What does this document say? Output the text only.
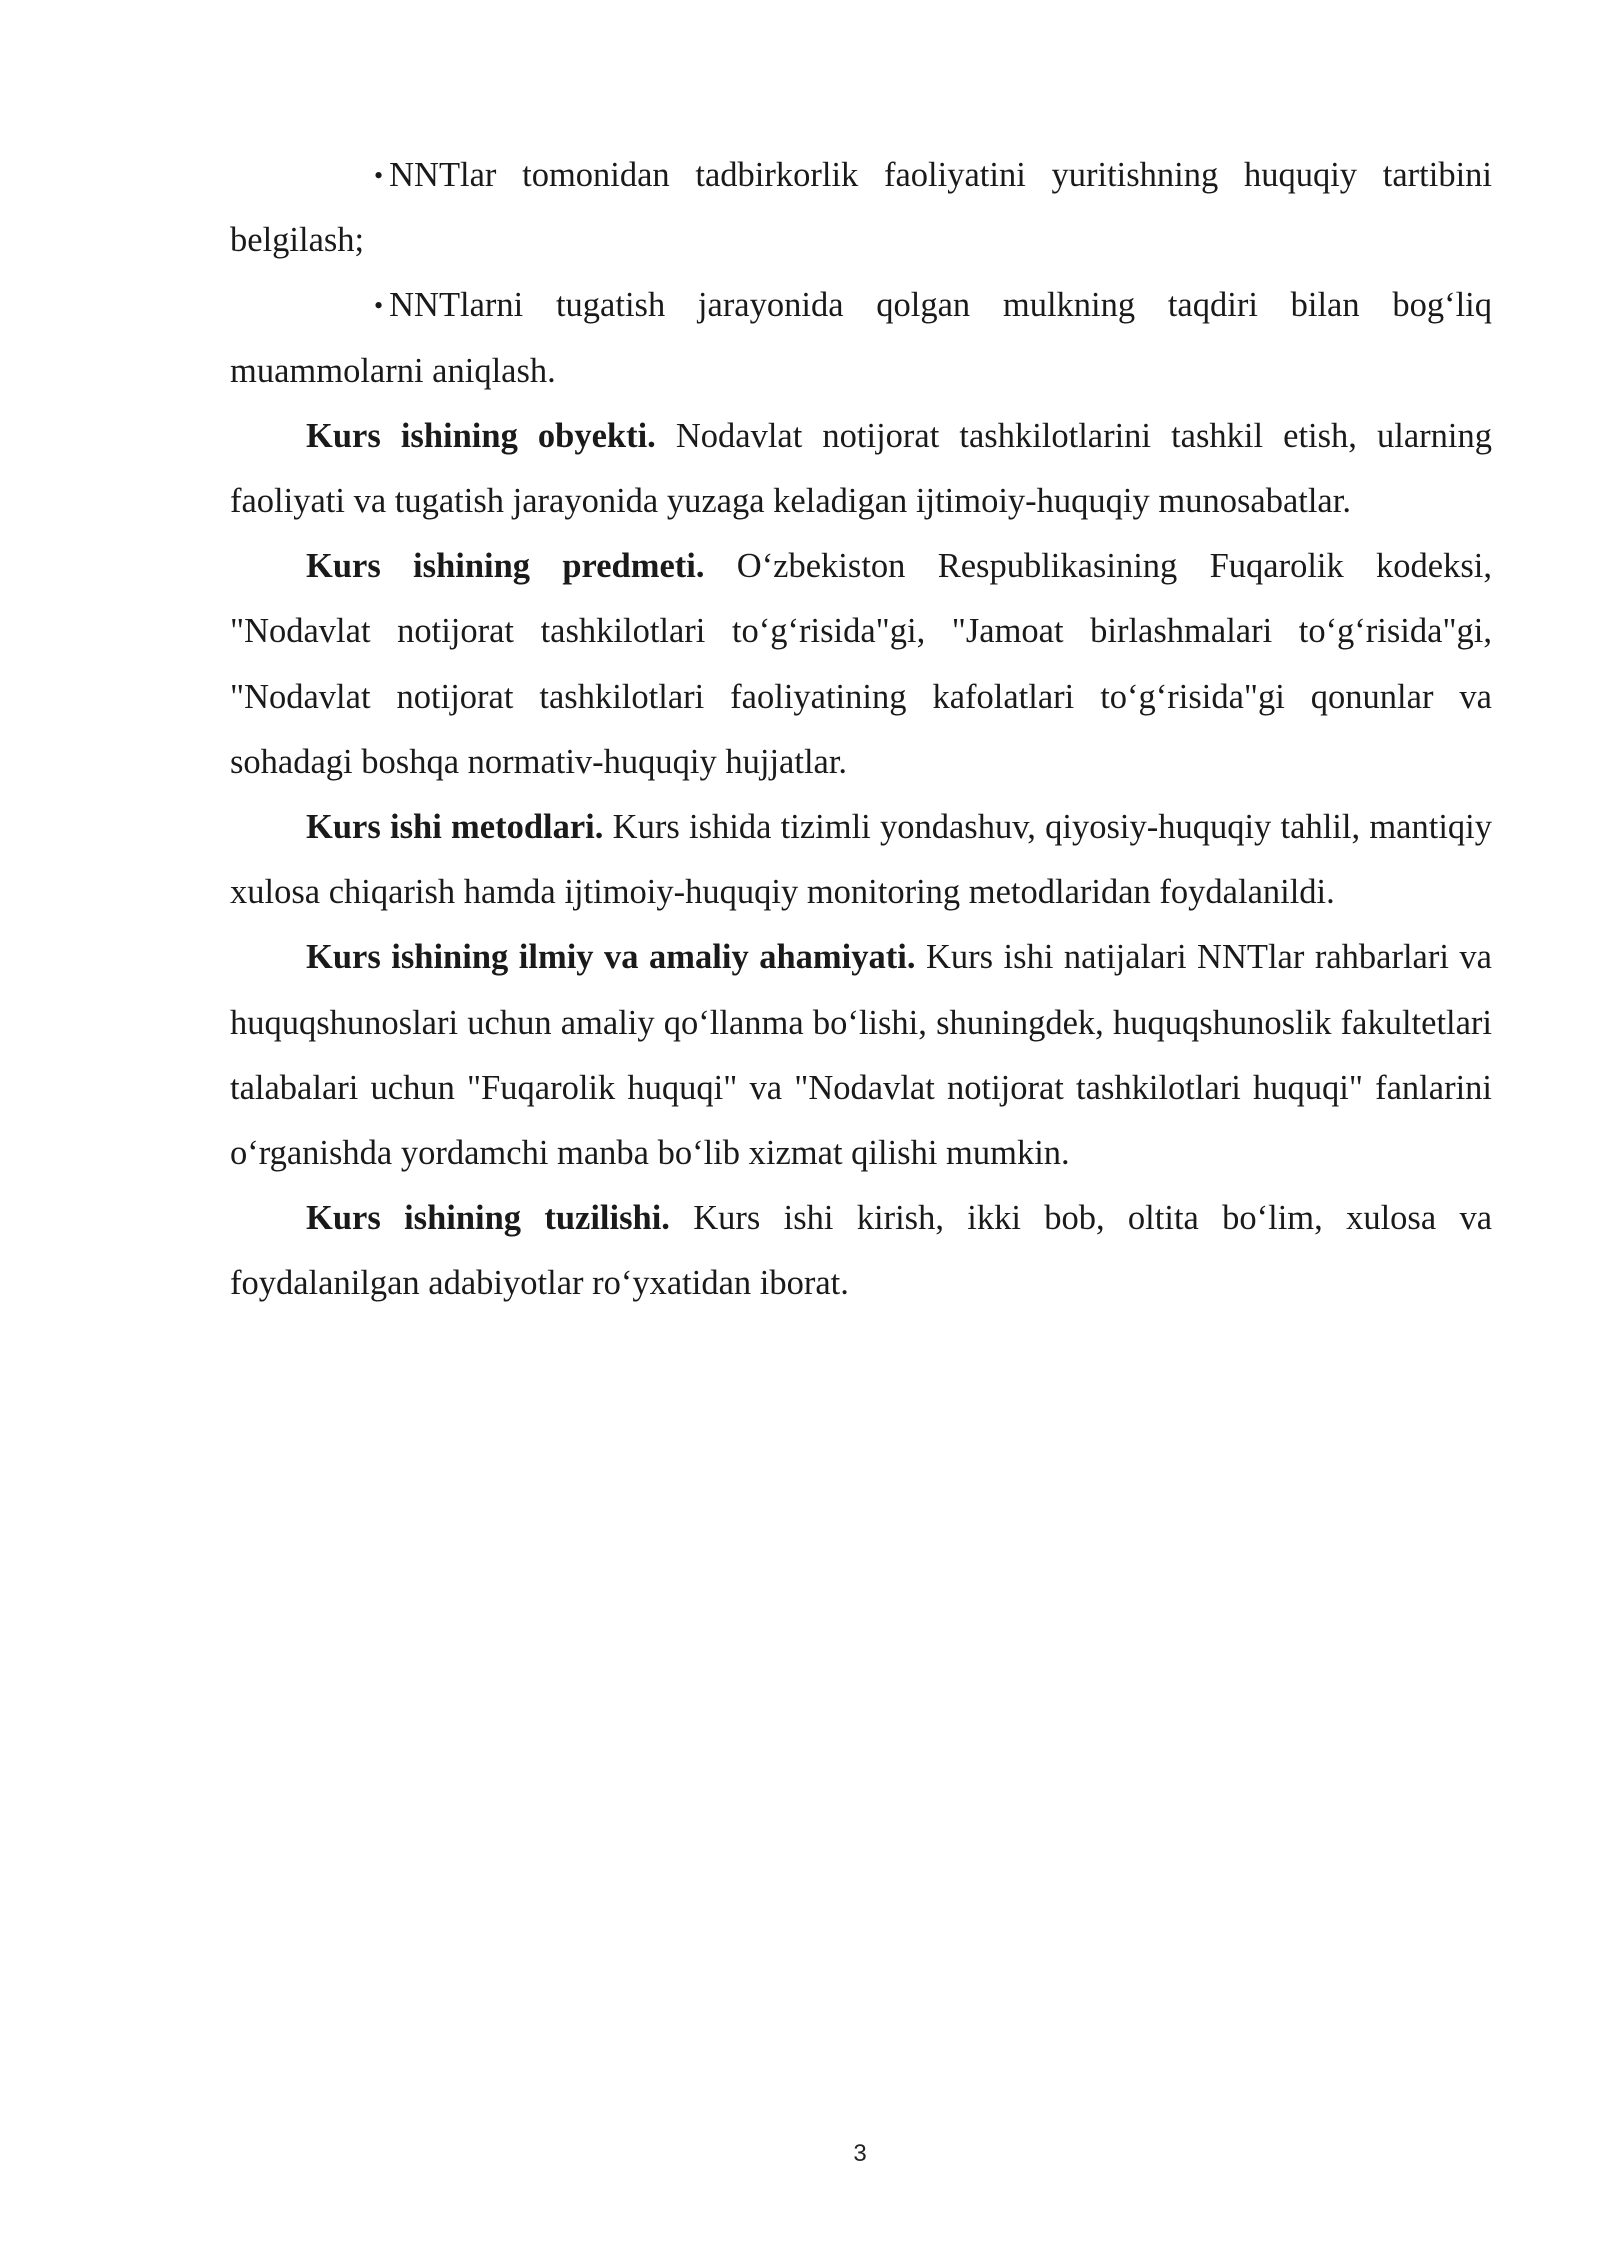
• NNTlar tomonidan tadbirkorlik faoliyatini yuritishning huquqiy tartibini belgilash;

• NNTlarni tugatish jarayonida qolgan mulkning taqdiri bilan bog‘liq muammolarni aniqlash.

Kurs ishining obyekti. Nodavlat notijorat tashkilotlarini tashkil etish, ularning faoliyati va tugatish jarayonida yuzaga keladigan ijtimoiy-huquqiy munosabatlar.

Kurs ishining predmeti. O‘zbekiston Respublikasining Fuqarolik kodeksi, "Nodavlat notijorat tashkilotlari to‘g‘risida"gi, "Jamoat birlashmalari to‘g‘risida"gi, "Nodavlat notijorat tashkilotlari faoliyatining kafolatlari to‘g‘risida"gi qonunlar va sohadagi boshqa normativ-huquqiy hujjatlar.

Kurs ishi metodlari. Kurs ishida tizimli yondashuv, qiyosiy-huquqiy tahlil, mantiqiy xulosa chiqarish hamda ijtimoiy-huquqiy monitoring metodlaridan foydalanildi.

Kurs ishining ilmiy va amaliy ahamiyati. Kurs ishi natijalari NNTlar rahbarlari va huquqshunoslari uchun amaliy qo‘llanma bo‘lishi, shuningdek, huquqshunoslik fakultetlari talabalari uchun "Fuqarolik huquqi" va "Nodavlat notijorat tashkilotlari huquqi" fanlarini o‘rganishda yordamchi manba bo‘lib xizmat qilishi mumkin.

Kurs ishining tuzilishi. Kurs ishi kirish, ikki bob, oltita bo‘lim, xulosa va foydalanilgan adabiyotlar ro‘yxatidan iborat.

3
